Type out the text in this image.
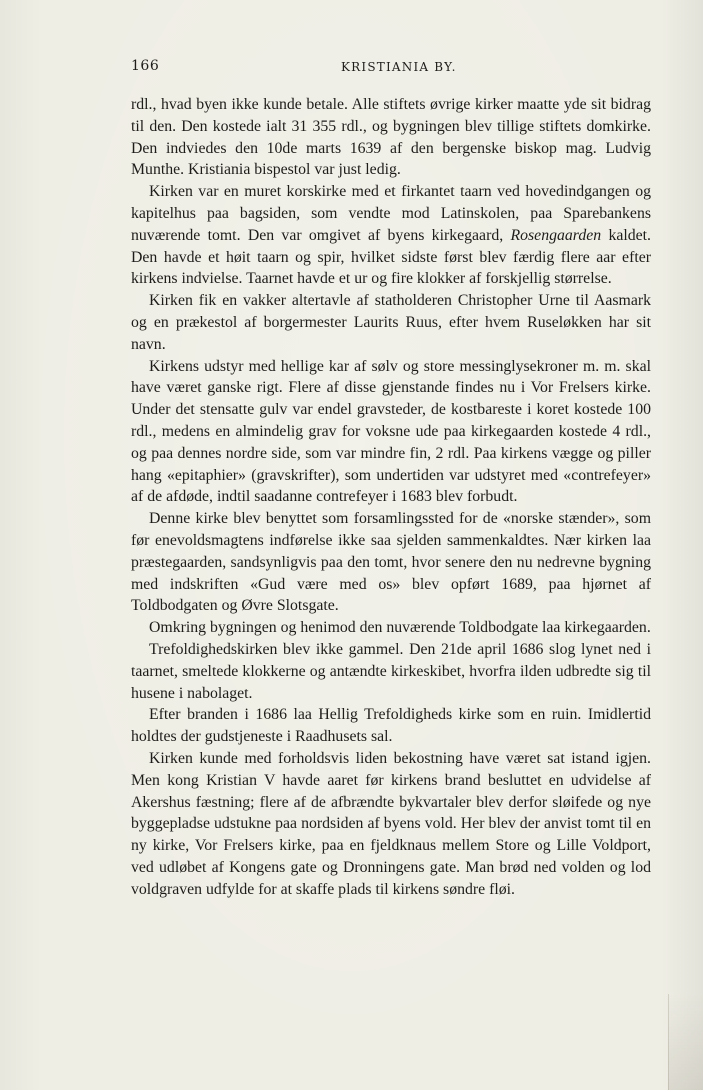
166	KRISTIANIA BY.

rdl., hvad byen ikke kunde betale. Alle stiftets øvrige kirker maatte yde sit bidrag til den. Den kostede ialt 31 355 rdl., og bygningen blev tillige stiftets domkirke. Den indviedes den 10de marts 1639 af den bergenske biskop mag. Ludvig Munthe. Kristiania bispestol var just ledig.

Kirken var en muret korskirke med et firkantet taarn ved hovedindgangen og kapitelhus paa bagsiden, som vendte mod Latinskolen, paa Sparebankens nuværende tomt. Den var omgivet af byens kirkegaard, Rosengaarden kaldet. Den havde et høit taarn og spir, hvilket sidste først blev færdig flere aar efter kirkens indvielse. Taarnet havde et ur og fire klokker af forskjellig størrelse.

Kirken fik en vakker altertavle af statholderen Christopher Urne til Aasmark og en prækestol af borgermester Laurits Ruus, efter hvem Ruseløkken har sit navn.

Kirkens udstyr med hellige kar af sølv og store messinglysekroner m. m. skal have været ganske rigt. Flere af disse gjenstande findes nu i Vor Frelsers kirke. Under det stensatte gulv var endel gravsteder, de kostbareste i koret kostede 100 rdl., medens en almindelig grav for voksne ude paa kirkegaarden kostede 4 rdl., og paa dennes nordre side, som var mindre fin, 2 rdl. Paa kirkens vægge og piller hang «epitaphier» (gravskrifter), som undertiden var udstyret med «contrefeyer» af de afdøde, indtil saadanne contrefeyer i 1683 blev forbudt.

Denne kirke blev benyttet som forsamlingssted for de «norske stænder», som før enevoldsmagtens indførelse ikke saa sjelden sammenkaldtes. Nær kirken laa præstegaarden, sandsynligvis paa den tomt, hvor senere den nu nedrevne bygning med indskriften «Gud være med os» blev opført 1689, paa hjørnet af Toldbodgaten og Øvre Slotsgate.

Omkring bygningen og henimod den nuværende Toldbodgate laa kirkegaarden.

Trefoldighedskirken blev ikke gammel. Den 21de april 1686 slog lynet ned i taarnet, smeltede klokkerne og antændte kirkeskibet, hvorfra ilden udbredte sig til husene i nabolaget.

Efter branden i 1686 laa Hellig Trefoldigheds kirke som en ruin. Imidlertid holdtes der gudstjeneste i Raadhusets sal.

Kirken kunde med forholdsvis liden bekostning have været sat istand igjen. Men kong Kristian V havde aaret før kirkens brand besluttet en udvidelse af Akershus fæstning; flere af de afbrændte bykvartaler blev derfor sløifede og nye byggepladse udstukne paa nordsiden af byens vold. Her blev der anvist tomt til en ny kirke, Vor Frelsers kirke, paa en fjeldknaus mellem Store og Lille Voldport, ved udløbet af Kongens gate og Dronningens gate. Man brød ned volden og lod voldgraven udfylde for at skaffe plads til kirkens søndre fløi.
